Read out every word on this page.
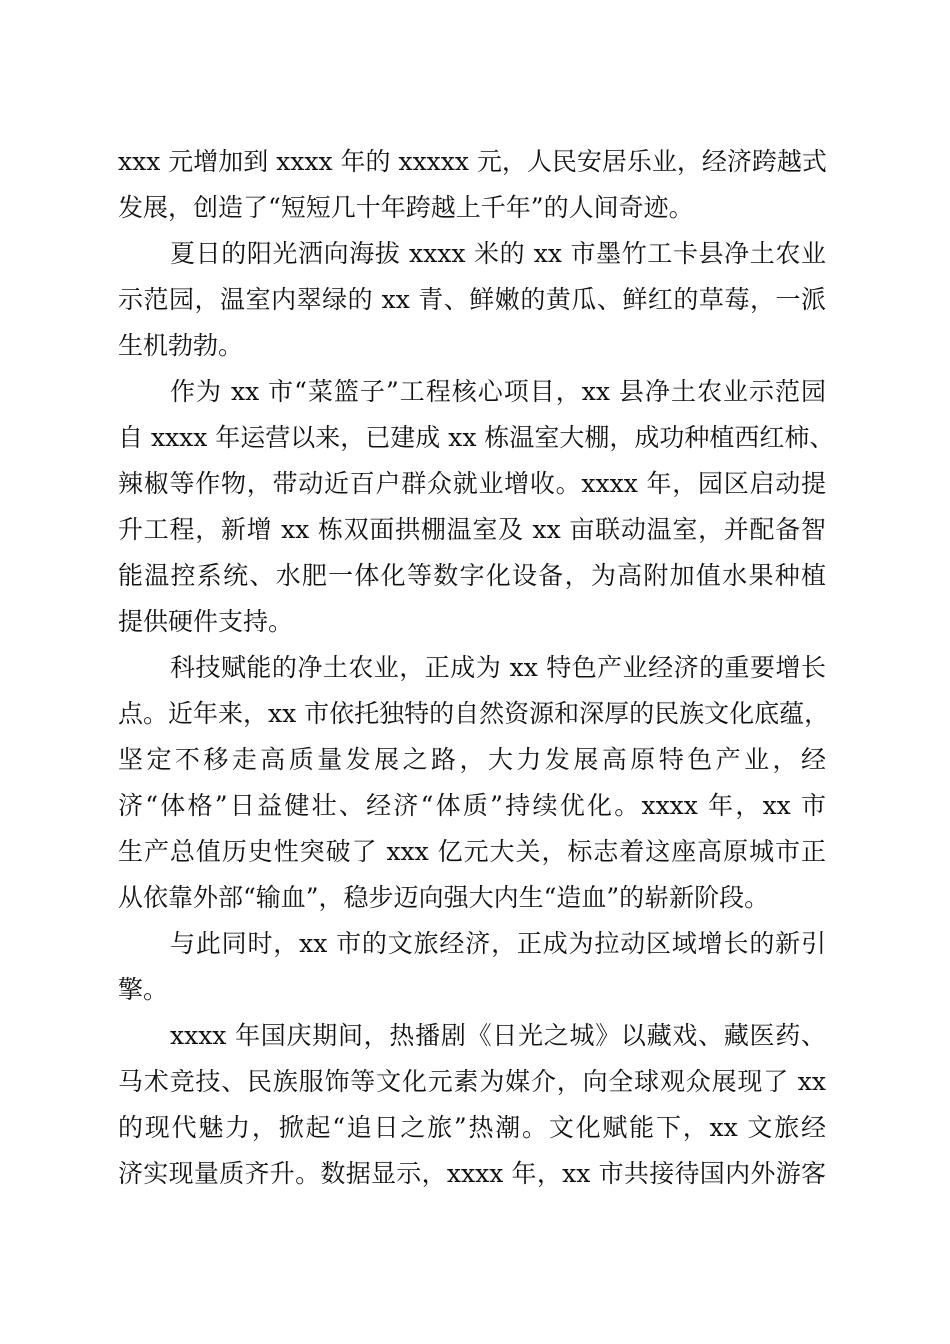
xxx 元增加到 xxxx 年的 xxxxx 元，人民安居乐业，经济跨越式
发展，创造了“短短几十年跨越上千年”的人间奇迹。
夏日的阳光洒向海拔 xxxx 米的 xx 市墨竹工卡县净土农业
示范园，温室内翠绿的 xx 青、鲜嫩的黄瓜、鲜红的草莓，一派
生机勃勃。
作为 xx 市“菜篮子”工程核心项目，xx 县净土农业示范园
自 xxxx 年运营以来，已建成 xx 栋温室大棚，成功种植西红柿、
辣椒等作物，带动近百户群众就业增收。xxxx 年，园区启动提
升工程，新增 xx 栋双面拱棚温室及 xx 亩联动温室，并配备智
能温控系统、水肥一体化等数字化设备，为高附加值水果种植
提供硬件支持。
科技赋能的净土农业，正成为 xx 特色产业经济的重要增长
点。近年来，xx 市依托独特的自然资源和深厚的民族文化底蕴，
坚定不移走高质量发展之路，大力发展高原特色产业，经
济“体格”日益健壮、经济“体质”持续优化。xxxx 年，xx 市
生产总值历史性突破了 xxx 亿元大关，标志着这座高原城市正
从依靠外部“输血”，稳步迈向强大内生“造血”的崭新阶段。
与此同时，xx 市的文旅经济，正成为拉动区域增长的新引
擎。
xxxx 年国庆期间，热播剧《日光之城》以藏戏、藏医药、
马术竞技、民族服饰等文化元素为媒介，向全球观众展现了 xx
的现代魅力，掀起“追日之旅”热潮。文化赋能下，xx 文旅经
济实现量质齐升。数据显示，xxxx 年，xx 市共接待国内外游客
